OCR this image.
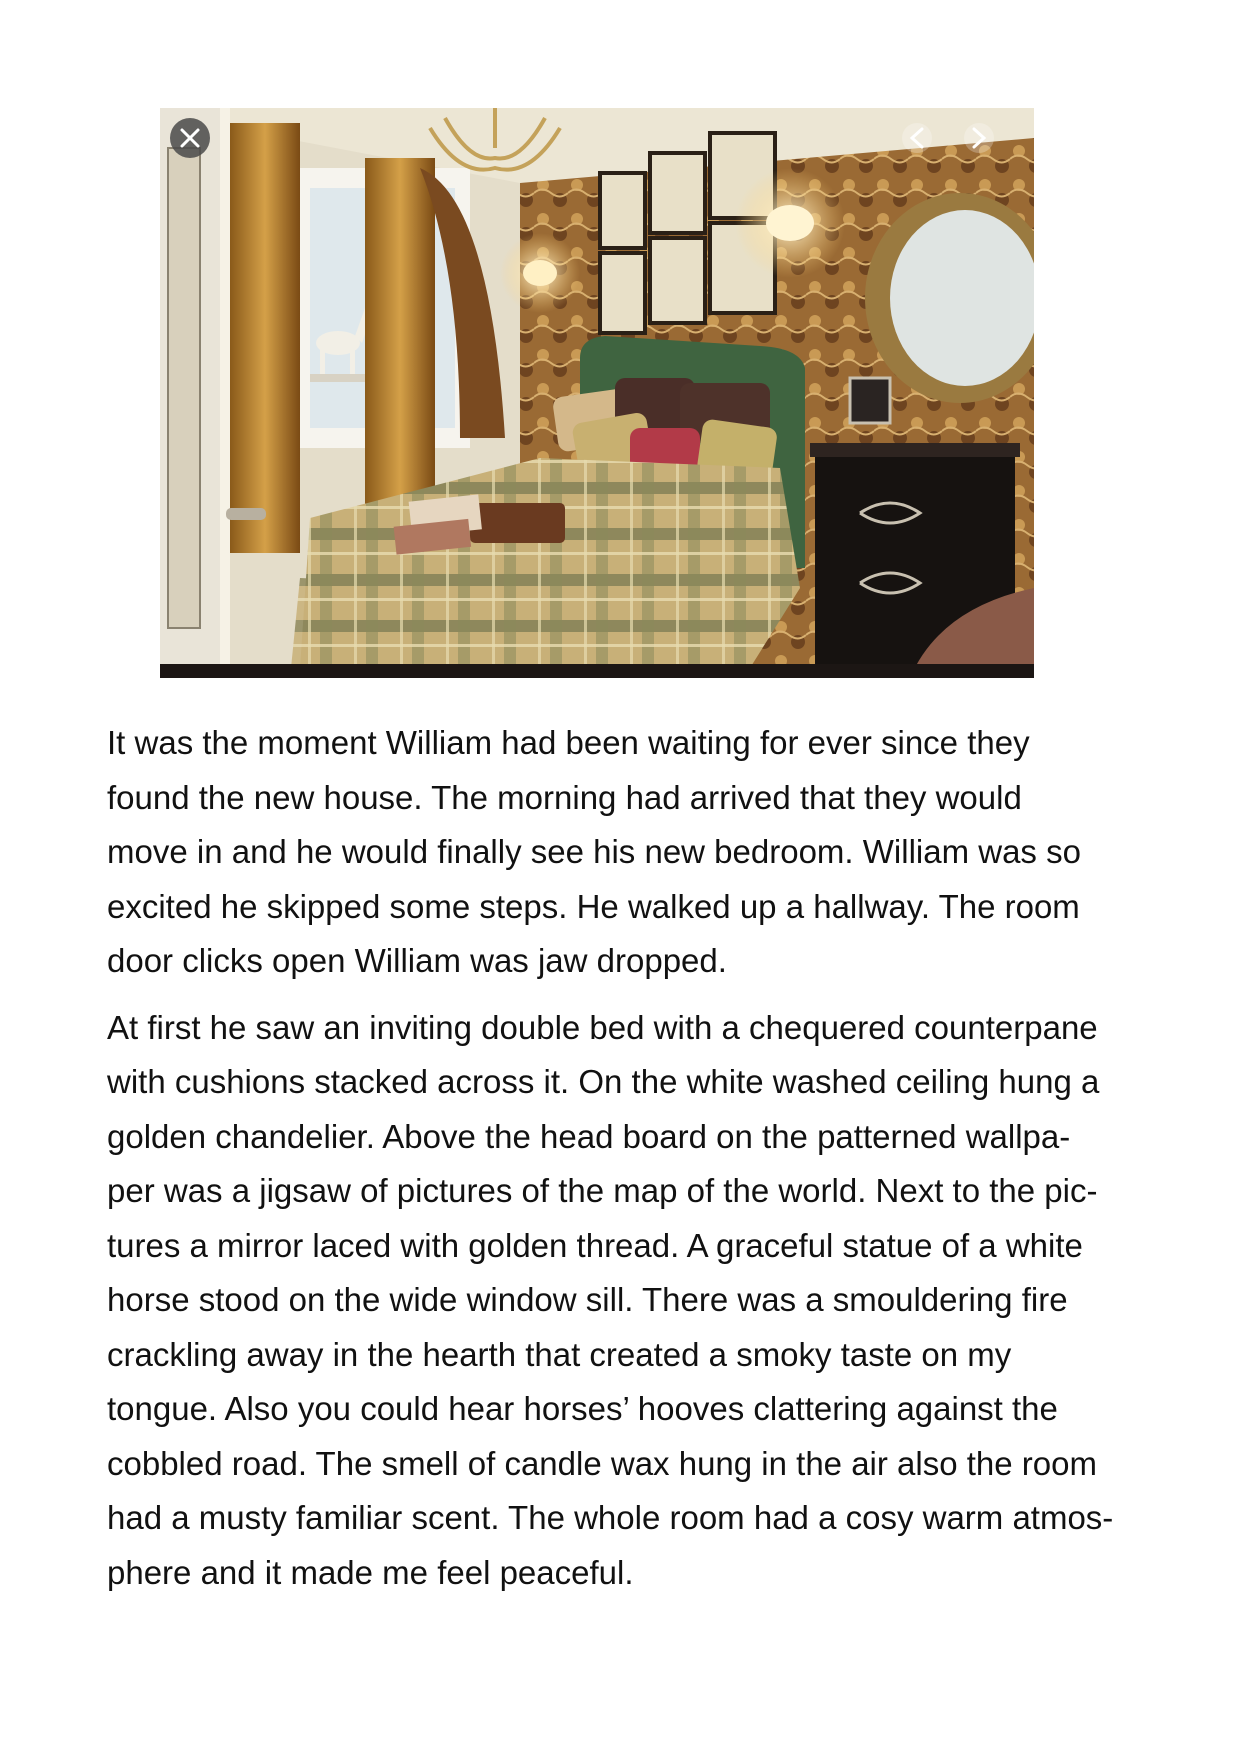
It was the moment William had been waiting for ever since they
found the new house. The morning had arrived that they would
move in and he would finally see his new bedroom. William was so
excited he skipped some steps. He walked up a hallway. The room
door clicks open William was jaw dropped.

At first he saw an inviting double bed with a chequered counterpane
with cushions stacked across it. On the white washed ceiling hung a
golden chandelier. Above the head board on the patterned wallpa-
per was a jigsaw of pictures of the map of the world. Next to the pic-
tures a mirror laced with golden thread. A graceful statue of a white
horse stood on the wide window sill. There was a smouldering fire
crackling away in the hearth that created a smoky taste on my
tongue. Also you could hear horses’ hooves clattering against the
cobbled road. The smell of candle wax hung in the air also the room
had a musty familiar scent. The whole room had a cosy warm atmos-
phere and it made me feel peaceful.
